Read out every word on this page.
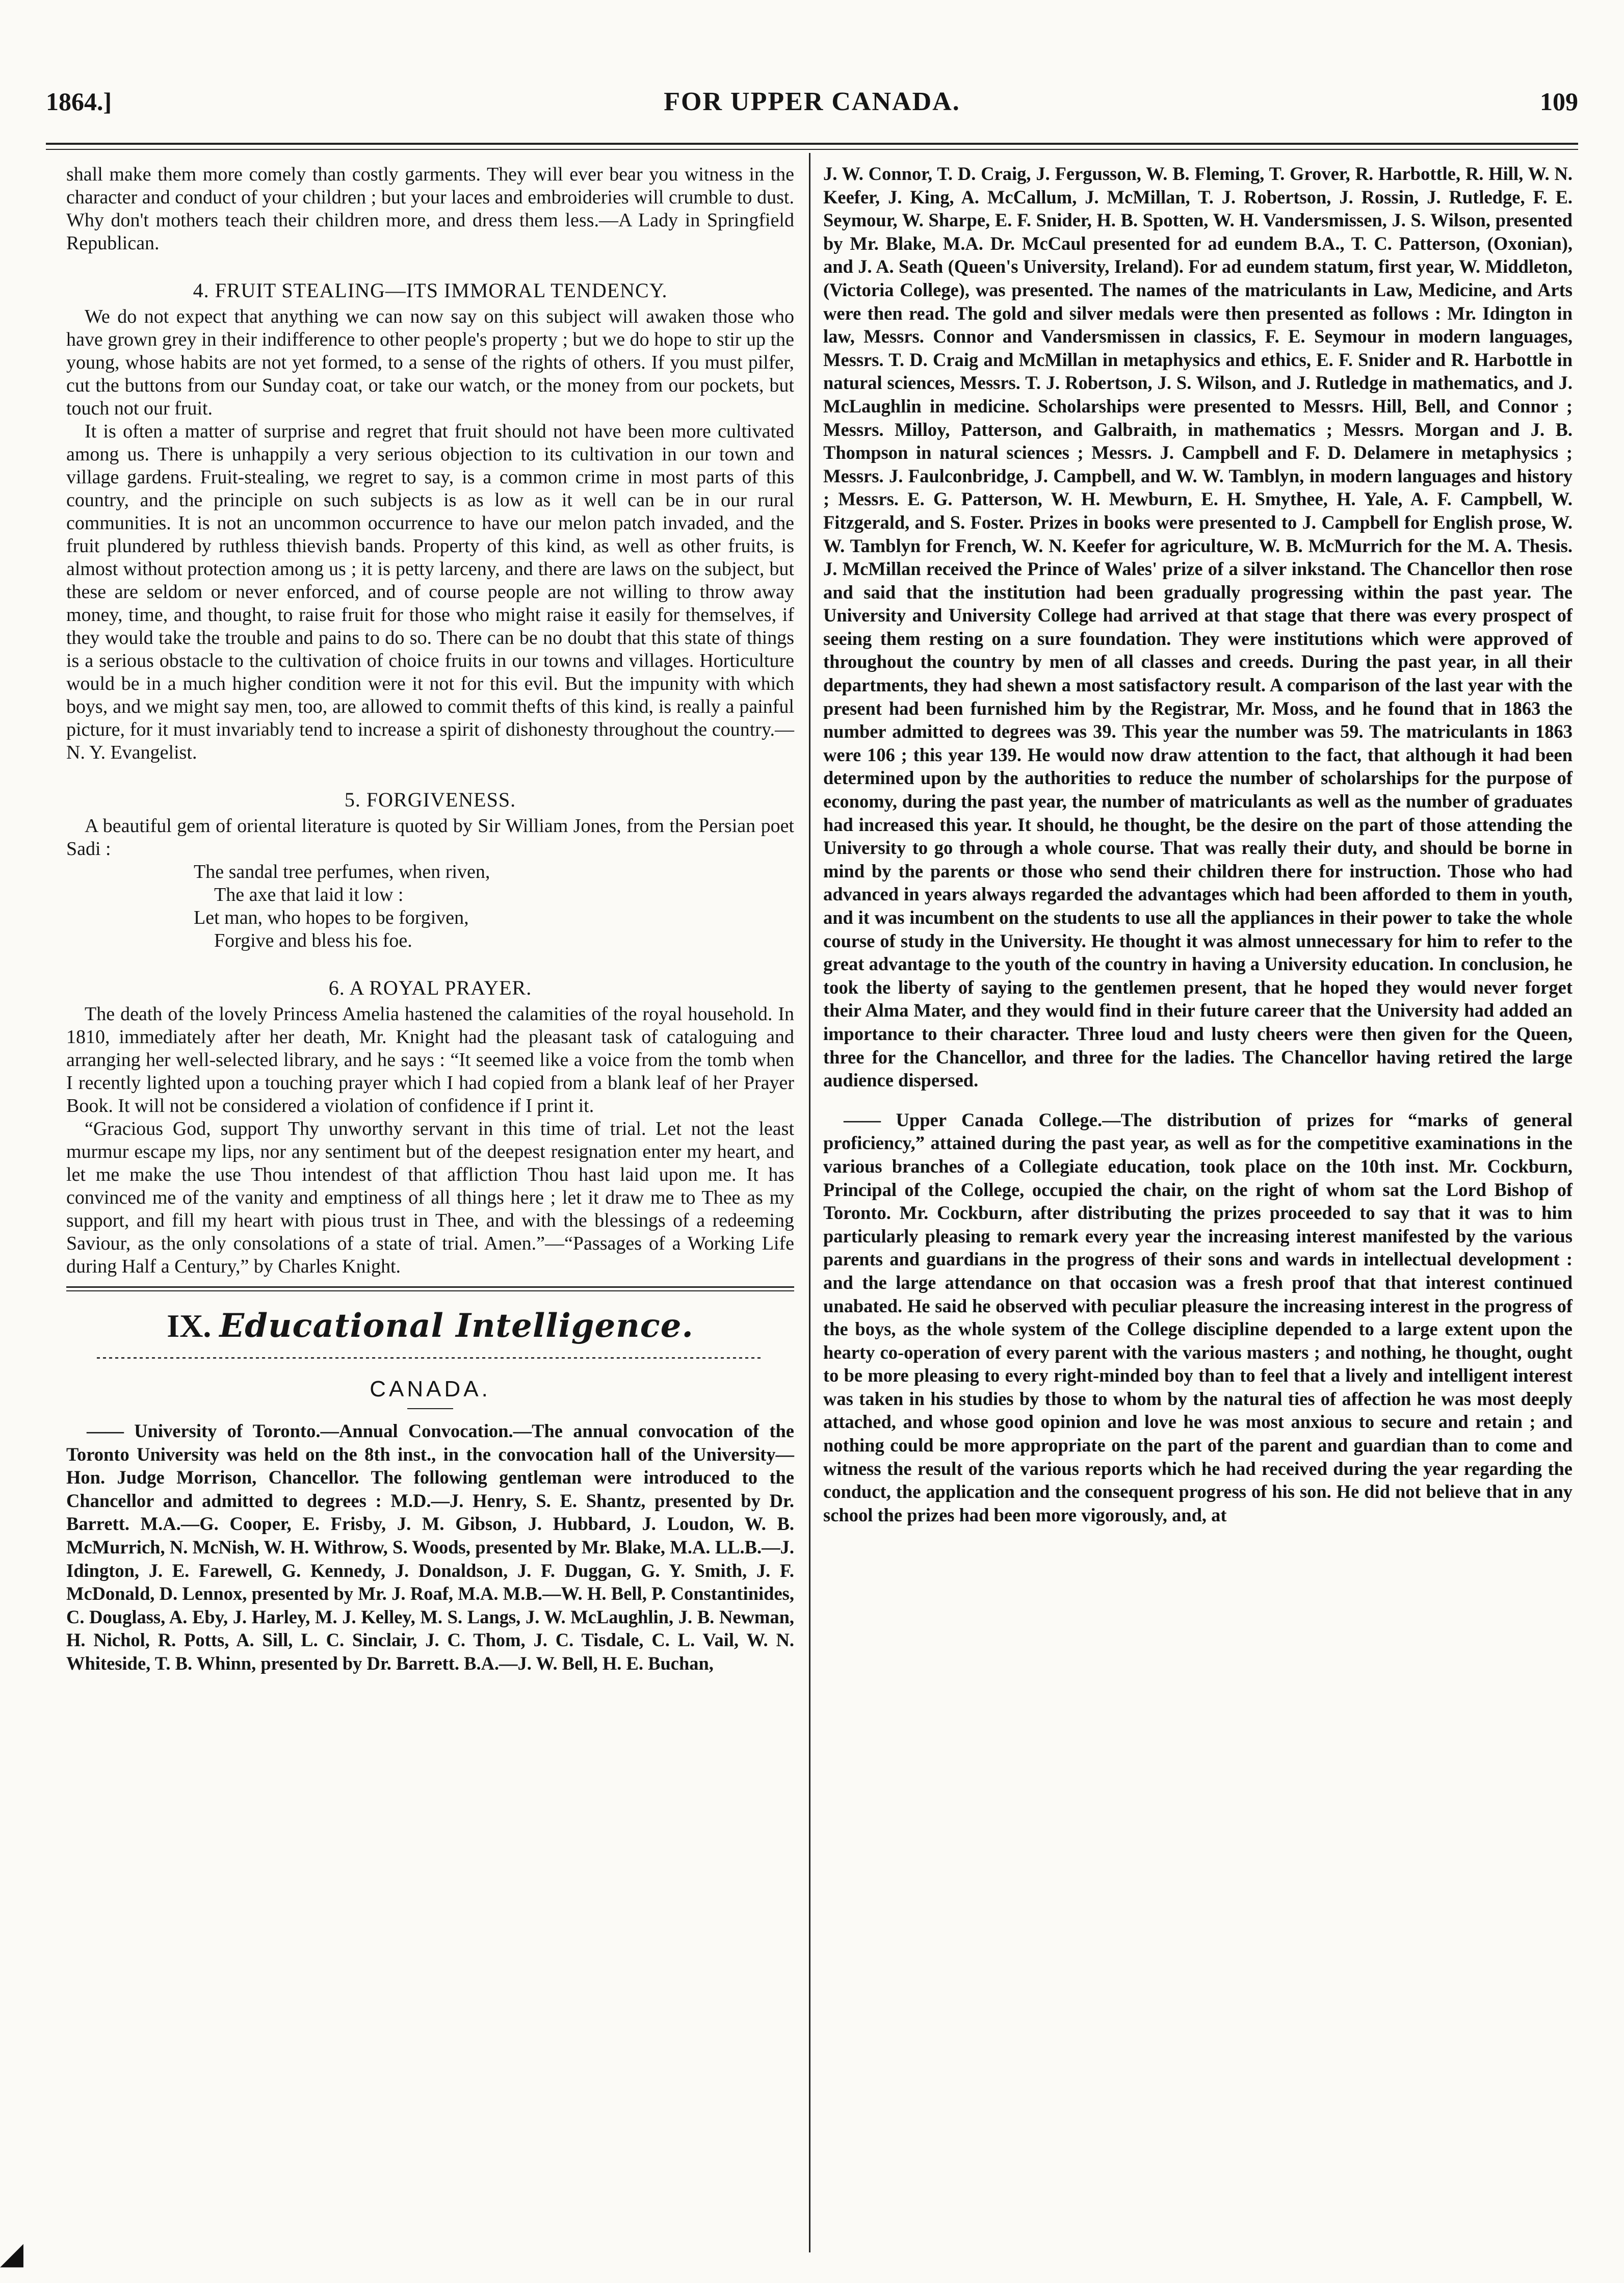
1864.]	FOR UPPER CANADA.	109

shall make them more comely than costly garments. They will ever bear you witness in the character and conduct of your children ; but your laces and embroideries will crumble to dust. Why don't mothers teach their children more, and dress them less.—A Lady in Springfield Republican.

4. FRUIT STEALING—ITS IMMORAL TENDENCY.

We do not expect that anything we can now say on this subject will awaken those who have grown grey in their indifference to other people's property ; but we do hope to stir up the young, whose habits are not yet formed, to a sense of the rights of others. If you must pilfer, cut the buttons from our Sunday coat, or take our watch, or the money from our pockets, but touch not our fruit.

It is often a matter of surprise and regret that fruit should not have been more cultivated among us. There is unhappily a very serious objection to its cultivation in our town and village gardens. Fruit-stealing, we regret to say, is a common crime in most parts of this country, and the principle on such subjects is as low as it well can be in our rural communities. It is not an uncommon occurrence to have our melon patch invaded, and the fruit plundered by ruthless thievish bands. Property of this kind, as well as other fruits, is almost without protection among us ; it is petty larceny, and there are laws on the subject, but these are seldom or never enforced, and of course people are not willing to throw away money, time, and thought, to raise fruit for those who might raise it easily for themselves, if they would take the trouble and pains to do so. There can be no doubt that this state of things is a serious obstacle to the cultivation of choice fruits in our towns and villages. Horticulture would be in a much higher condition were it not for this evil. But the impunity with which boys, and we might say men, too, are allowed to commit thefts of this kind, is really a painful picture, for it must invariably tend to increase a spirit of dishonesty throughout the country.—N. Y. Evangelist.

5. FORGIVENESS.

A beautiful gem of oriental literature is quoted by Sir William Jones, from the Persian poet Sadi :

The sandal tree perfumes, when riven,

The axe that laid it low :

Let man, who hopes to be forgiven,

Forgive and bless his foe.

6. A ROYAL PRAYER.

The death of the lovely Princess Amelia hastened the calamities of the royal household. In 1810, immediately after her death, Mr. Knight had the pleasant task of cataloguing and arranging her well-selected library, and he says : “It seemed like a voice from the tomb when I recently lighted upon a touching prayer which I had copied from a blank leaf of her Prayer Book. It will not be considered a violation of confidence if I print it.

“Gracious God, support Thy unworthy servant in this time of trial. Let not the least murmur escape my lips, nor any sentiment but of the deepest resignation enter my heart, and let me make the use Thou intendest of that affliction Thou hast laid upon me. It has convinced me of the vanity and emptiness of all things here ; let it draw me to Thee as my support, and fill my heart with pious trust in Thee, and with the blessings of a redeeming Saviour, as the only consolations of a state of trial. Amen.”—“Passages of a Working Life during Half a Century,” by Charles Knight.

IX. Educational Intelligence.

CANADA.

—— University of Toronto.—Annual Convocation.—The annual convocation of the Toronto University was held on the 8th inst., in the convocation hall of the University—Hon. Judge Morrison, Chancellor. The following gentleman were introduced to the Chancellor and admitted to degrees : M.D.—J. Henry, S. E. Shantz, presented by Dr. Barrett. M.A.—G. Cooper, E. Frisby, J. M. Gibson, J. Hubbard, J. Loudon, W. B. McMurrich, N. McNish, W. H. Withrow, S. Woods, presented by Mr. Blake, M.A. LL.B.—J. Idington, J. E. Farewell, G. Kennedy, J. Donaldson, J. F. Duggan, G. Y. Smith, J. F. McDonald, D. Lennox, presented by Mr. J. Roaf, M.A. M.B.—W. H. Bell, P. Constantinides, C. Douglass, A. Eby, J. Harley, M. J. Kelley, M. S. Langs, J. W. McLaughlin, J. B. Newman, H. Nichol, R. Potts, A. Sill, L. C. Sinclair, J. C. Thom, J. C. Tisdale, C. L. Vail, W. N. Whiteside, T. B. Whinn, presented by Dr. Barrett. B.A.—J. W. Bell, H. E. Buchan,

J. W. Connor, T. D. Craig, J. Fergusson, W. B. Fleming, T. Grover, R. Harbottle, R. Hill, W. N. Keefer, J. King, A. McCallum, J. McMillan, T. J. Robertson, J. Rossin, J. Rutledge, F. E. Seymour, W. Sharpe, E. F. Snider, H. B. Spotten, W. H. Vandersmissen, J. S. Wilson, presented by Mr. Blake, M.A. Dr. McCaul presented for ad eundem B.A., T. C. Patterson, (Oxonian), and J. A. Seath (Queen's University, Ireland). For ad eundem statum, first year, W. Middleton, (Victoria College), was presented. The names of the matriculants in Law, Medicine, and Arts were then read. The gold and silver medals were then presented as follows : Mr. Idington in law, Messrs. Connor and Vandersmissen in classics, F. E. Seymour in modern languages, Messrs. T. D. Craig and McMillan in metaphysics and ethics, E. F. Snider and R. Harbottle in natural sciences, Messrs. T. J. Robertson, J. S. Wilson, and J. Rutledge in mathematics, and J. McLaughlin in medicine. Scholarships were presented to Messrs. Hill, Bell, and Connor ; Messrs. Milloy, Patterson, and Galbraith, in mathematics ; Messrs. Morgan and J. B. Thompson in natural sciences ; Messrs. J. Campbell and F. D. Delamere in metaphysics ; Messrs. J. Faulconbridge, J. Campbell, and W. W. Tamblyn, in modern languages and history ; Messrs. E. G. Patterson, W. H. Mewburn, E. H. Smythee, H. Yale, A. F. Campbell, W. Fitzgerald, and S. Foster. Prizes in books were presented to J. Campbell for English prose, W. W. Tamblyn for French, W. N. Keefer for agriculture, W. B. McMurrich for the M. A. Thesis. J. McMillan received the Prince of Wales' prize of a silver inkstand. The Chancellor then rose and said that the institution had been gradually progressing within the past year. The University and University College had arrived at that stage that there was every prospect of seeing them resting on a sure foundation. They were institutions which were approved of throughout the country by men of all classes and creeds. During the past year, in all their departments, they had shewn a most satisfactory result. A comparison of the last year with the present had been furnished him by the Registrar, Mr. Moss, and he found that in 1863 the number admitted to degrees was 39. This year the number was 59. The matriculants in 1863 were 106 ; this year 139. He would now draw attention to the fact, that although it had been determined upon by the authorities to reduce the number of scholarships for the purpose of economy, during the past year, the number of matriculants as well as the number of graduates had increased this year. It should, he thought, be the desire on the part of those attending the University to go through a whole course. That was really their duty, and should be borne in mind by the parents or those who send their children there for instruction. Those who had advanced in years always regarded the advantages which had been afforded to them in youth, and it was incumbent on the students to use all the appliances in their power to take the whole course of study in the University. He thought it was almost unnecessary for him to refer to the great advantage to the youth of the country in having a University education. In conclusion, he took the liberty of saying to the gentlemen present, that he hoped they would never forget their Alma Mater, and they would find in their future career that the University had added an importance to their character. Three loud and lusty cheers were then given for the Queen, three for the Chancellor, and three for the ladies. The Chancellor having retired the large audience dispersed.

—— Upper Canada College.—The distribution of prizes for “marks of general proficiency,” attained during the past year, as well as for the competitive examinations in the various branches of a Collegiate education, took place on the 10th inst. Mr. Cockburn, Principal of the College, occupied the chair, on the right of whom sat the Lord Bishop of Toronto. Mr. Cockburn, after distributing the prizes proceeded to say that it was to him particularly pleasing to remark every year the increasing interest manifested by the various parents and guardians in the progress of their sons and wards in intellectual development : and the large attendance on that occasion was a fresh proof that that interest continued unabated. He said he observed with peculiar pleasure the increasing interest in the progress of the boys, as the whole system of the College discipline depended to a large extent upon the hearty co-operation of every parent with the various masters ; and nothing, he thought, ought to be more pleasing to every right-minded boy than to feel that a lively and intelligent interest was taken in his studies by those to whom by the natural ties of affection he was most deeply attached, and whose good opinion and love he was most anxious to secure and retain ; and nothing could be more appropriate on the part of the parent and guardian than to come and witness the result of the various reports which he had received during the year regarding the conduct, the application and the consequent progress of his son. He did not believe that in any school the prizes had been more vigorously, and, at

◢
